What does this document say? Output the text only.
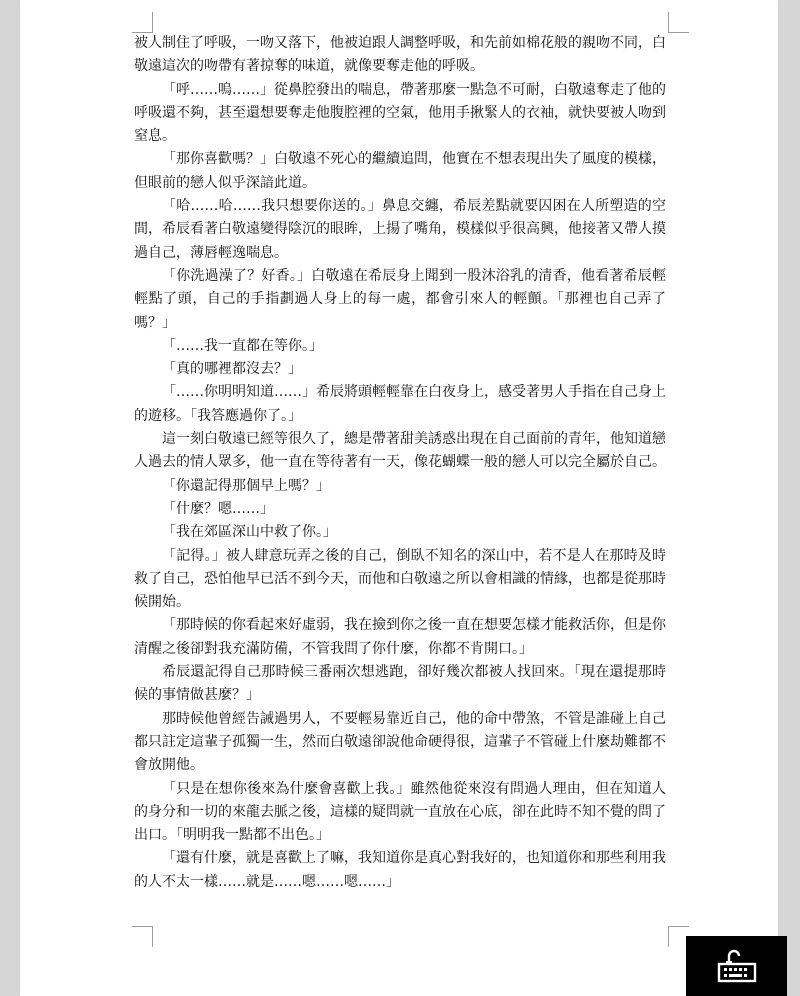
被人制住了呼吸，一吻又落下，他被迫跟人調整呼吸，和先前如棉花般的親吻不同，白敬遠這次的吻帶有著掠奪的味道，就像要奪走他的呼吸。

「呼……嗚……」從鼻腔發出的喘息，帶著那麼一點急不可耐，白敬遠奪走了他的呼吸還不夠，甚至還想要奪走他腹腔裡的空氣，他用手揪緊人的衣袖，就快要被人吻到窒息。

「那你喜歡嗎？」白敬遠不死心的繼續追問，他實在不想表現出失了風度的模樣，但眼前的戀人似乎深諳此道。

「哈……哈……我只想要你送的。」鼻息交纏，希辰差點就要囚困在人所塑造的空間，希辰看著白敬遠變得陰沉的眼眸，上揚了嘴角，模樣似乎很高興，他接著又帶人摸過自己，薄唇輕逸喘息。

「你洗過澡了？好香。」白敬遠在希辰身上聞到一股沐浴乳的清香，他看著希辰輕輕點了頭，自己的手指劃過人身上的每一處，都會引來人的輕顫。「那裡也自己弄了嗎？」

「……我一直都在等你。」

「真的哪裡都沒去？」

「……你明明知道……」希辰將頭輕輕靠在白夜身上，感受著男人手指在自己身上的遊移。「我答應過你了。」

這一刻白敬遠已經等很久了，總是帶著甜美誘惑出現在自己面前的青年，他知道戀人過去的情人眾多，他一直在等待著有一天，像花蝴蝶一般的戀人可以完全屬於自己。

「你還記得那個早上嗎？」

「什麼？嗯……」

「我在郊區深山中救了你。」

「記得。」被人肆意玩弄之後的自己，倒臥不知名的深山中，若不是人在那時及時救了自己，恐怕他早已活不到今天，而他和白敬遠之所以會相識的情緣，也都是從那時候開始。

「那時候的你看起來好虛弱，我在撿到你之後一直在想要怎樣才能救活你，但是你清醒之後卻對我充滿防備，不管我問了你什麼，你都不肯開口。」

希辰還記得自己那時候三番兩次想逃跑，卻好幾次都被人找回來。「現在還提那時候的事情做甚麼？」

那時候他曾經告誡過男人，不要輕易靠近自己，他的命中帶煞，不管是誰碰上自己都只註定這輩子孤獨一生，然而白敬遠卻說他命硬得很，這輩子不管碰上什麼劫難都不會放開他。

「只是在想你後來為什麼會喜歡上我。」雖然他從來沒有問過人理由，但在知道人的身分和一切的來龍去脈之後，這樣的疑問就一直放在心底，卻在此時不知不覺的問了出口。「明明我一點都不出色。」

「還有什麼，就是喜歡上了嘛，我知道你是真心對我好的，也知道你和那些利用我的人不太一樣……就是……嗯……嗯……」
